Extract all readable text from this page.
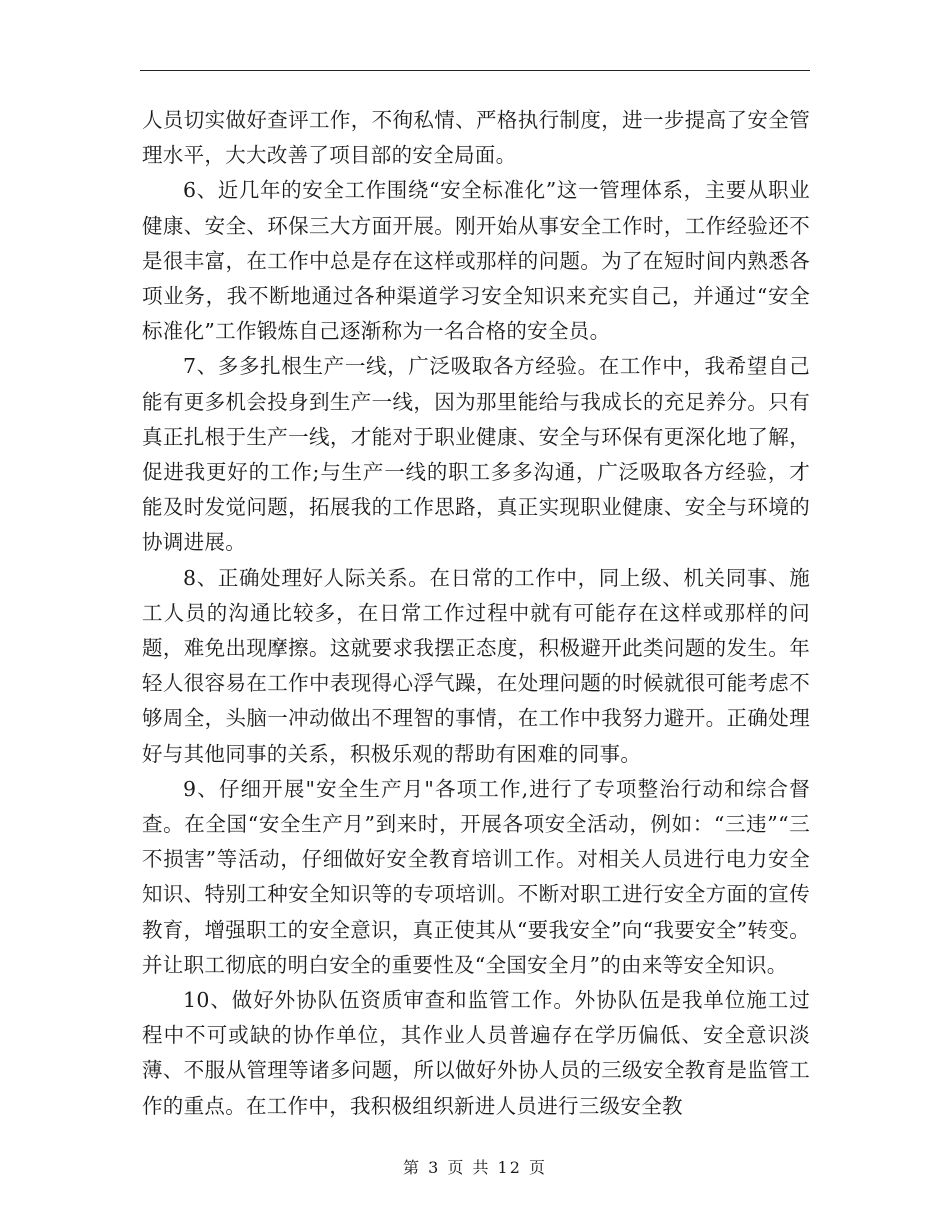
人员切实做好查评工作，不徇私情、严格执行制度，进一步提高了安全管理水平，大大改善了项目部的安全局面。

6、近几年的安全工作围绕“安全标准化”这一管理体系，主要从职业健康、安全、环保三大方面开展。刚开始从事安全工作时，工作经验还不是很丰富，在工作中总是存在这样或那样的问题。为了在短时间内熟悉各项业务，我不断地通过各种渠道学习安全知识来充实自己，并通过“安全标准化”工作锻炼自己逐渐称为一名合格的安全员。

7、多多扎根生产一线，广泛吸取各方经验。在工作中，我希望自己能有更多机会投身到生产一线，因为那里能给与我成长的充足养分。只有真正扎根于生产一线，才能对于职业健康、安全与环保有更深化地了解，促进我更好的工作;与生产一线的职工多多沟通，广泛吸取各方经验，才能及时发觉问题，拓展我的工作思路，真正实现职业健康、安全与环境的协调进展。

8、正确处理好人际关系。在日常的工作中，同上级、机关同事、施工人员的沟通比较多，在日常工作过程中就有可能存在这样或那样的问题，难免出现摩擦。这就要求我摆正态度，积极避开此类问题的发生。年轻人很容易在工作中表现得心浮气躁，在处理问题的时候就很可能考虑不够周全，头脑一冲动做出不理智的事情，在工作中我努力避开。正确处理好与其他同事的关系，积极乐观的帮助有困难的同事。

9、仔细开展"安全生产月"各项工作,进行了专项整治行动和综合督查。在全国“安全生产月”到来时，开展各项安全活动，例如：“三违”“三不损害”等活动，仔细做好安全教育培训工作。对相关人员进行电力安全知识、特别工种安全知识等的专项培训。不断对职工进行安全方面的宣传教育，增强职工的安全意识，真正使其从“要我安全”向“我要安全”转变。并让职工彻底的明白安全的重要性及“全国安全月”的由来等安全知识。

10、做好外协队伍资质审查和监管工作。外协队伍是我单位施工过程中不可或缺的协作单位，其作业人员普遍存在学历偏低、安全意识淡薄、不服从管理等诸多问题，所以做好外协人员的三级安全教育是监管工作的重点。在工作中，我积极组织新进人员进行三级安全教

第 3 页 共 12 页
